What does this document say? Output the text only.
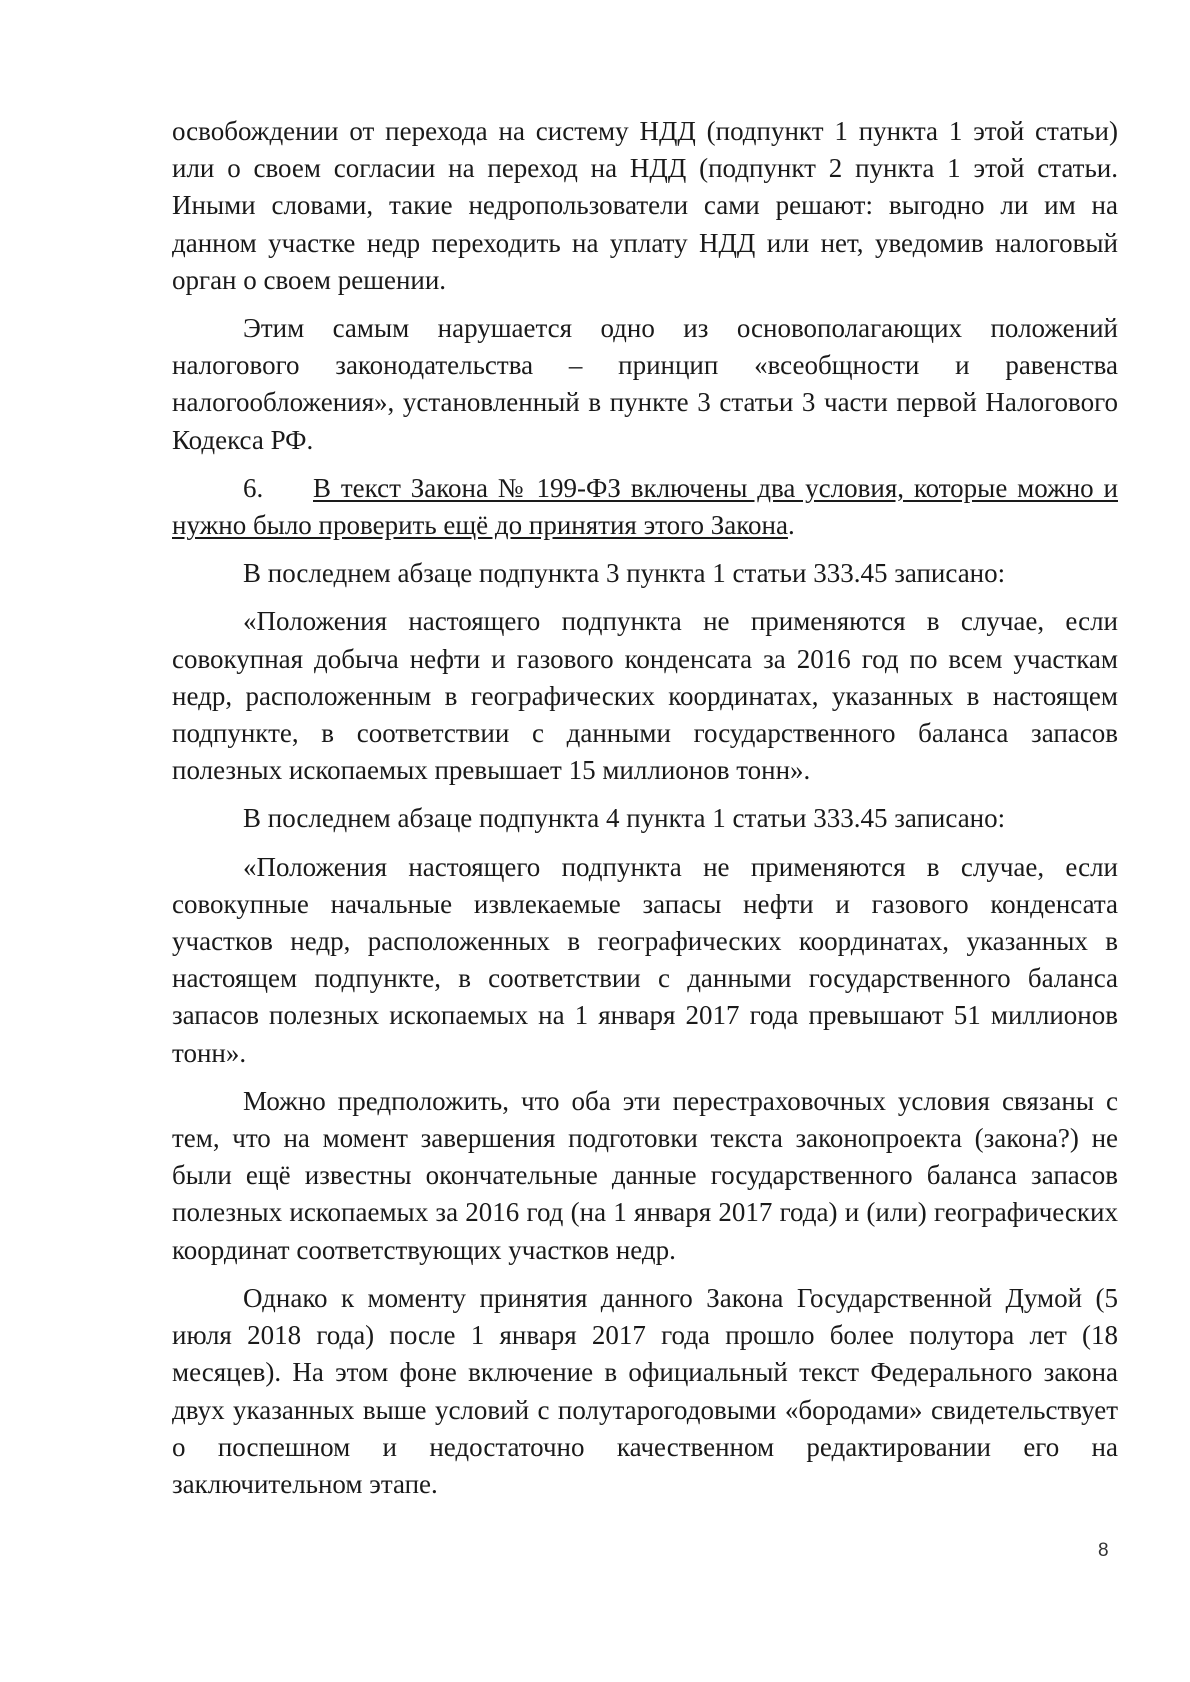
освобождении от перехода на систему НДД (подпункт 1 пункта 1 этой статьи) или о своем согласии на переход на НДД (подпункт 2 пункта 1 этой статьи. Иными словами, такие недропользователи сами решают: выгодно ли им на данном участке недр переходить на уплату НДД или нет, уведомив налоговый орган о своем решении.

Этим самым нарушается одно из основополагающих положений налогового законодательства – принцип «всеобщности и равенства налогообложения», установленный в пункте 3 статьи 3 части первой Налогового Кодекса РФ.

6. В текст Закона № 199-ФЗ включены два условия, которые можно и нужно было проверить ещё до принятия этого Закона.

В последнем абзаце подпункта 3 пункта 1 статьи 333.45 записано:

«Положения настоящего подпункта не применяются в случае, если совокупная добыча нефти и газового конденсата за 2016 год по всем участкам недр, расположенным в географических координатах, указанных в настоящем подпункте, в соответствии с данными государственного баланса запасов полезных ископаемых превышает 15 миллионов тонн».

В последнем абзаце подпункта 4 пункта 1 статьи 333.45 записано:

«Положения настоящего подпункта не применяются в случае, если совокупные начальные извлекаемые запасы нефти и газового конденсата участков недр, расположенных в географических координатах, указанных в настоящем подпункте, в соответствии с данными государственного баланса запасов полезных ископаемых на 1 января 2017 года превышают 51 миллионов тонн».

Можно предположить, что оба эти перестраховочных условия связаны с тем, что на момент завершения подготовки текста законопроекта (закона?) не были ещё известны окончательные данные государственного баланса запасов полезных ископаемых за 2016 год (на 1 января 2017 года) и (или) географических координат соответствующих участков недр.

Однако к моменту принятия данного Закона Государственной Думой (5 июля 2018 года) после 1 января 2017 года прошло более полутора лет (18 месяцев). На этом фоне включение в официальный текст Федерального закона двух указанных выше условий с полутарогодовыми «бородами» свидетельствует о поспешном и недостаточно качественном редактировании его на заключительном этапе.

8
